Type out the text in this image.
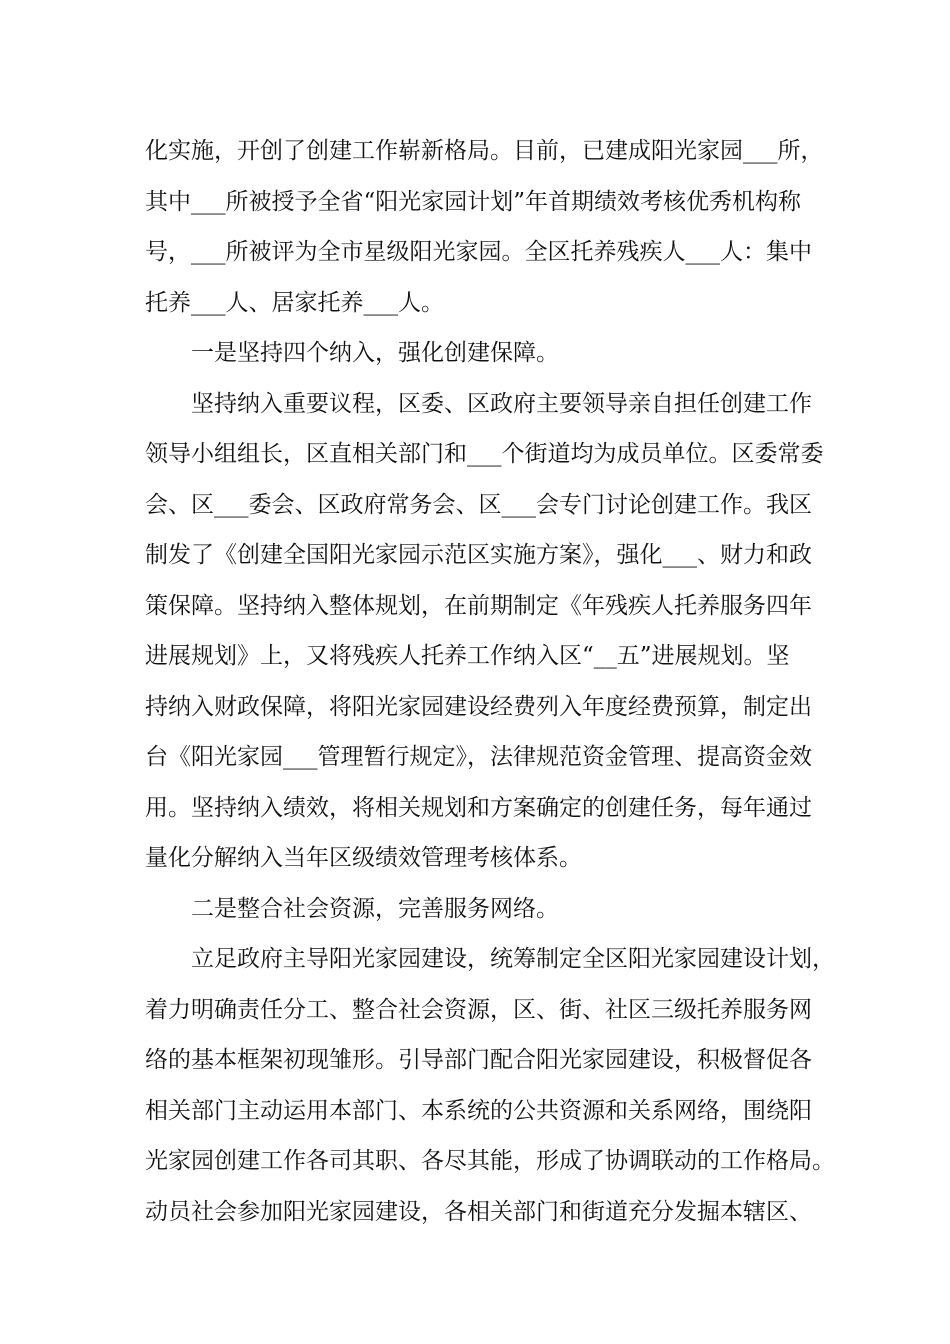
化实施，开创了创建工作崭新格局。目前，已建成阳光家园___所，
其中___所被授予全省“阳光家园计划”年首期绩效考核优秀机构称
号，___所被评为全市星级阳光家园。全区托养残疾人___人：集中
托养___人、居家托养___人。
　　一是坚持四个纳入，强化创建保障。
　　坚持纳入重要议程，区委、区政府主要领导亲自担任创建工作
领导小组组长，区直相关部门和___个街道均为成员单位。区委常委
会、区___委会、区政府常务会、区___会专门讨论创建工作。我区
制发了《创建全国阳光家园示范区实施方案》，强化___、财力和政
策保障。坚持纳入整体规划，在前期制定《年残疾人托养服务四年
进展规划》上，又将残疾人托养工作纳入区“__五”进展规划。坚
持纳入财政保障，将阳光家园建设经费列入年度经费预算，制定出
台《阳光家园___管理暂行规定》，法律规范资金管理、提高资金效
用。坚持纳入绩效，将相关规划和方案确定的创建任务，每年通过
量化分解纳入当年区级绩效管理考核体系。
　　二是整合社会资源，完善服务网络。
　　立足政府主导阳光家园建设，统筹制定全区阳光家园建设计划，
着力明确责任分工、整合社会资源，区、街、社区三级托养服务网
络的基本框架初现雏形。引导部门配合阳光家园建设，积极督促各
相关部门主动运用本部门、本系统的公共资源和关系网络，围绕阳
光家园创建工作各司其职、各尽其能，形成了协调联动的工作格局。
动员社会参加阳光家园建设，各相关部门和街道充分发掘本辖区、
